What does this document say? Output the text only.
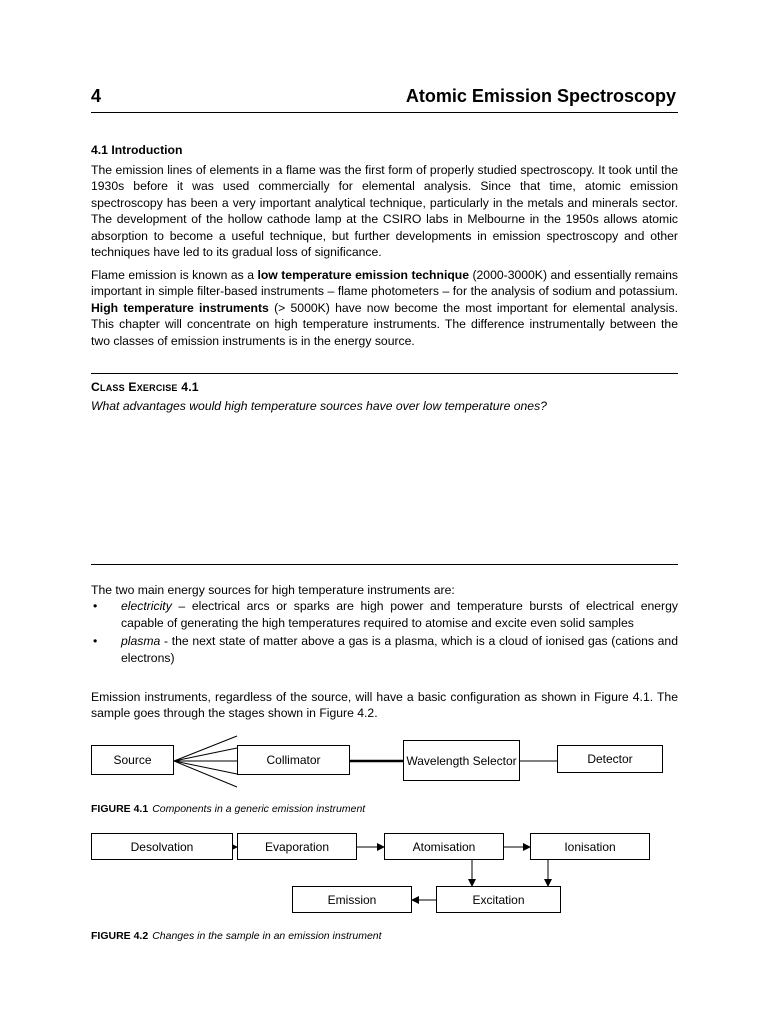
4	Atomic Emission Spectroscopy
4.1 Introduction

The emission lines of elements in a flame was the first form of properly studied spectroscopy. It took until the 1930s before it was used commercially for elemental analysis. Since that time, atomic emission spectroscopy has been a very important analytical technique, particularly in the metals and minerals sector. The development of the hollow cathode lamp at the CSIRO labs in Melbourne in the 1950s allows atomic absorption to become a useful technique, but further developments in emission spectroscopy and other techniques have led to its gradual loss of significance.

Flame emission is known as a low temperature emission technique (2000-3000K) and essentially remains important in simple filter-based instruments – flame photometers – for the analysis of sodium and potassium. High temperature instruments (> 5000K) have now become the most important for elemental analysis. This chapter will concentrate on high temperature instruments. The difference instrumentally between the two classes of emission instruments is in the energy source.

Class Exercise 4.1
What advantages would high temperature sources have over low temperature ones?

The two main energy sources for high temperature instruments are:

• electricity – electrical arcs or sparks are high power and temperature bursts of electrical energy capable of generating the high temperatures required to atomise and excite even solid samples
• plasma - the next state of matter above a gas is a plasma, which is a cloud of ionised gas (cations and electrons)

Emission instruments, regardless of the source, will have a basic configuration as shown in Figure 4.1. The sample goes through the stages shown in Figure 4.2.

Source	Collimator	Wavelength Selector	Detector
FIGURE 4.1 Components in a generic emission instrument
Desolvation	Evaporation	Atomisation	Ionisation
Emission	Excitation
FIGURE 4.2 Changes in the sample in an emission instrument
